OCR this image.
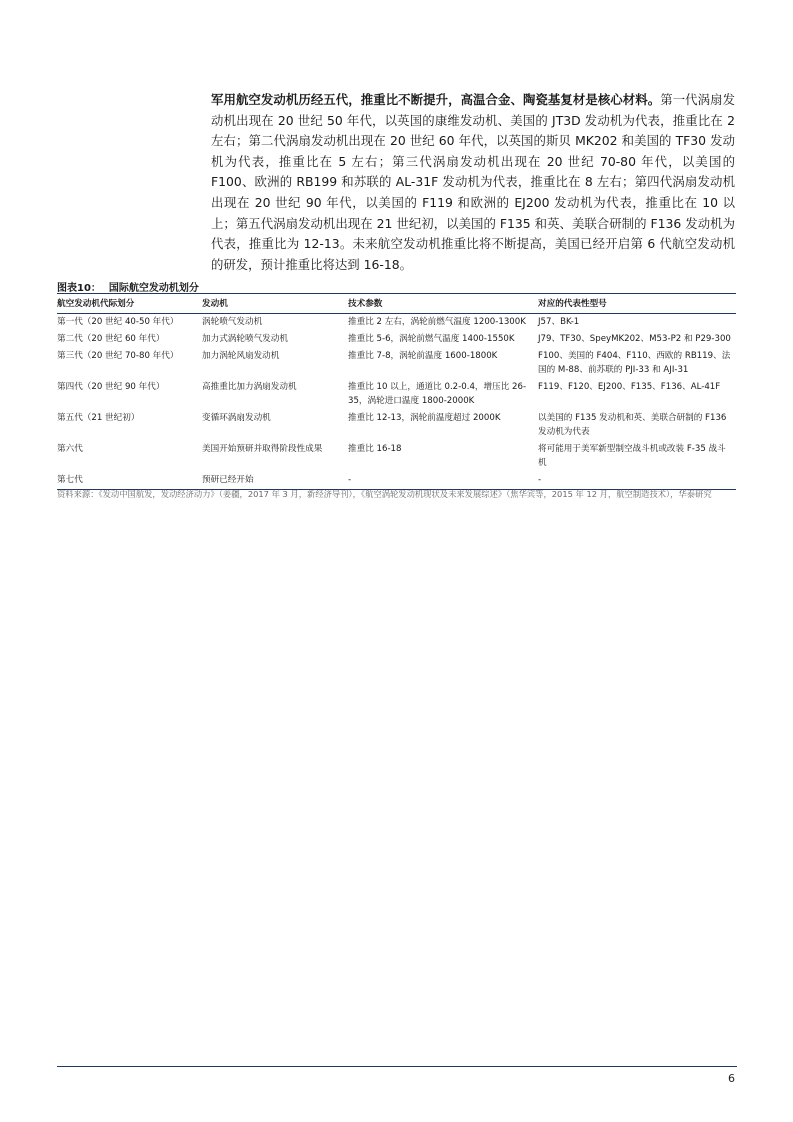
军用航空发动机历经五代，推重比不断提升，高温合金、陶瓷基复材是核心材料。第一代涡扇发动机出现在 20 世纪 50 年代，以英国的康维发动机、美国的 JT3D 发动机为代表，推重比在 2 左右；第二代涡扇发动机出现在 20 世纪 60 年代，以英国的斯贝 MK202 和美国的 TF30 发动机为代表，推重比在 5 左右；第三代涡扇发动机出现在 20 世纪 70-80 年代，以美国的 F100、欧洲的 RB199 和苏联的 AL-31F 发动机为代表，推重比在 8 左右；第四代涡扇发动机出现在 20 世纪 90 年代，以美国的 F119 和欧洲的 EJ200 发动机为代表，推重比在 10 以上；第五代涡扇发动机出现在 21 世纪初，以美国的 F135 和英、美联合研制的 F136 发动机为代表，推重比为 12-13。未来航空发动机推重比将不断提高，美国已经开启第 6 代航空发动机的研发，预计推重比将达到 16-18。
图表10： 国际航空发动机划分
航空发动机代际划分	发动机	技术参数	对应的代表性型号
第一代（20 世纪 40-50 年代）	涡轮喷气发动机	推重比 2 左右，涡轮前燃气温度 1200-1300K	J57、BK-1
第二代（20 世纪 60 年代）	加力式涡轮喷气发动机	推重比 5-6，涡轮前燃气温度 1400-1550K	J79、TF30、SpeyMK202、M53-P2 和 P29-300
第三代（20 世纪 70-80 年代）	加力涡轮风扇发动机	推重比 7-8，涡轮前温度 1600-1800K	F100、美国的 F404、F110、西欧的 RB119、法国的 M-88、前苏联的 PJI-33 和 AJI-31
第四代（20 世纪 90 年代）	高推重比加力涡扇发动机	推重比 10 以上，通道比 0.2-0.4，增压比 26-35，涡轮进口温度 1800-2000K	F119、F120、EJ200、F135、F136、AL-41F
第五代（21 世纪初）	变循环涡扇发动机	推重比 12-13，涡轮前温度超过 2000K	以美国的 F135 发动机和英、美联合研制的 F136 发动机为代表
第六代	美国开始预研并取得阶段性成果	推重比 16-18	将可能用于美军新型制空战斗机或改装 F-35 战斗机
第七代	预研已经开始	-	-
资料来源：《发动中国航发，发动经济动力》（姜疆，2017 年 3 月，新经济导刊），《航空涡轮发动机现状及未来发展综述》（焦华宾等，2015 年 12 月，航空制造技术），华泰研究
6
